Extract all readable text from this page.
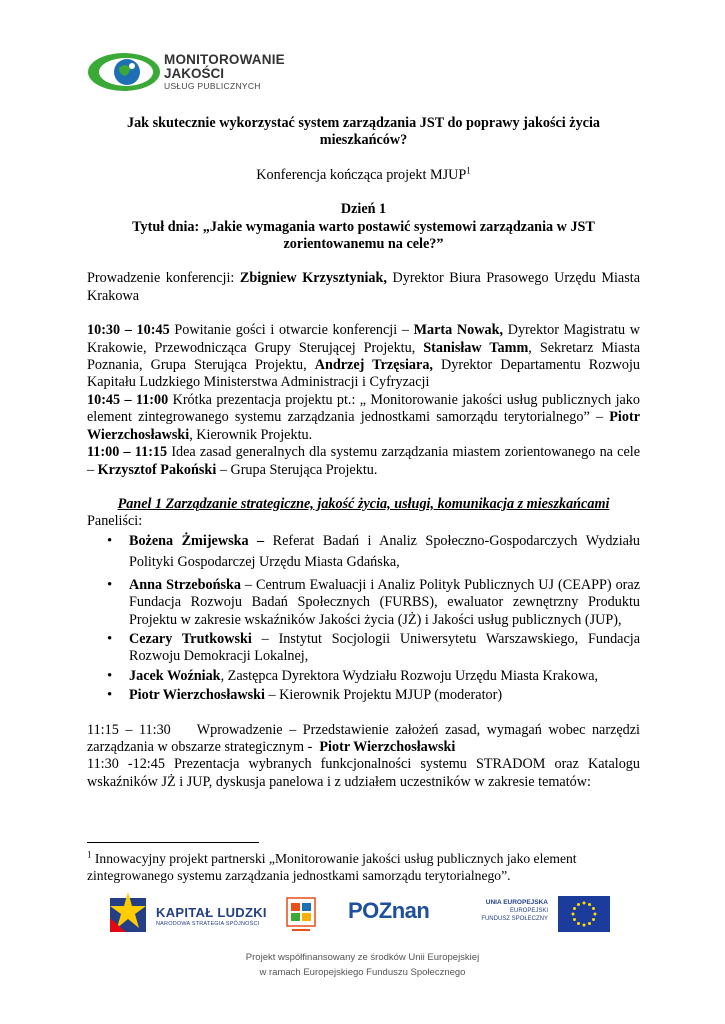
MONITOROWANIE
JAKOŚCI
USŁUG PUBLICZNYCH

Jak skutecznie wykorzystać system zarządzania JST do poprawy jakości życia mieszkańców?

Konferencja kończąca projekt MJUP$^1$

Dzień 1

Tytuł dnia: „Jakie wymagania warto postawić systemowi zarządzania w JST zorientowanemu na cele?”

Prowadzenie konferencji: Zbigniew Krzysztyniak, Dyrektor Biura Prasowego Urzędu Miasta Krakowa

10:30 – 10:45 Powitanie gości i otwarcie konferencji – Marta Nowak, Dyrektor Magistratu w Krakowie, Przewodnicząca Grupy Sterującej Projektu, Stanisław Tamm, Sekretarz Miasta Poznania, Grupa Sterująca Projektu, Andrzej Trzęsiara, Dyrektor Departamentu Rozwoju Kapitału Ludzkiego Ministerstwa Administracji i Cyfryzacji

10:45 – 11:00 Krótka prezentacja projektu pt.: „ Monitorowanie jakości usług publicznych jako element zintegrowanego systemu zarządzania jednostkami samorządu terytorialnego” – Piotr Wierzchosławski, Kierownik Projektu.

11:00 – 11:15 Idea zasad generalnych dla systemu zarządzania miastem zorientowanego na cele – Krzysztof Pakoński – Grupa Sterująca Projektu.

Panel 1 Zarządzanie strategiczne, jakość życia, usługi, komunikacja z mieszkańcami

Paneliści:

• Bożena Żmijewska – Referat Badań i Analiz Społeczno-Gospodarczych Wydziału Polityki Gospodarczej Urzędu Miasta Gdańska,
• Anna Strzebońska – Centrum Ewaluacji i Analiz Polityk Publicznych UJ (CEAPP) oraz Fundacja Rozwoju Badań Społecznych (FURBS), ewaluator zewnętrzny Produktu Projektu w zakresie wskaźników Jakości życia (JŻ) i Jakości usług publicznych (JUP),
• Cezary Trutkowski – Instytut Socjologii Uniwersytetu Warszawskiego, Fundacja Rozwoju Demokracji Lokalnej,
• Jacek Woźniak, Zastępca Dyrektora Wydziału Rozwoju Urzędu Miasta Krakowa,
• Piotr Wierzchosławski – Kierownik Projektu MJUP (moderator)

11:15 – 11:30    Wprowadzenie – Przedstawienie założeń zasad, wymagań wobec narzędzi zarządzania w obszarze strategicznym -  Piotr Wierzchosławski

11:30 -12:45 Prezentacja wybranych funkcjonalności systemu STRADOM oraz Katalogu wskaźników JŻ i JUP, dyskusja panelowa i z udziałem uczestników w zakresie tematów:

$^1$ Innowacyjny projekt partnerski „Monitorowanie jakości usług publicznych jako element zintegrowanego systemu zarządzania jednostkami samorządu terytorialnego”.

KAPITAŁ LUDZKI
NARODOWA STRATEGIA SPÓJNOŚCI
POZnan	UNIA EUROPEJSKA
EUROPEJSKI
FUNDUSZ SPOŁECZNY
Projekt współfinansowany ze środków Unii Europejskiej
w ramach Europejskiego Funduszu Społecznego
